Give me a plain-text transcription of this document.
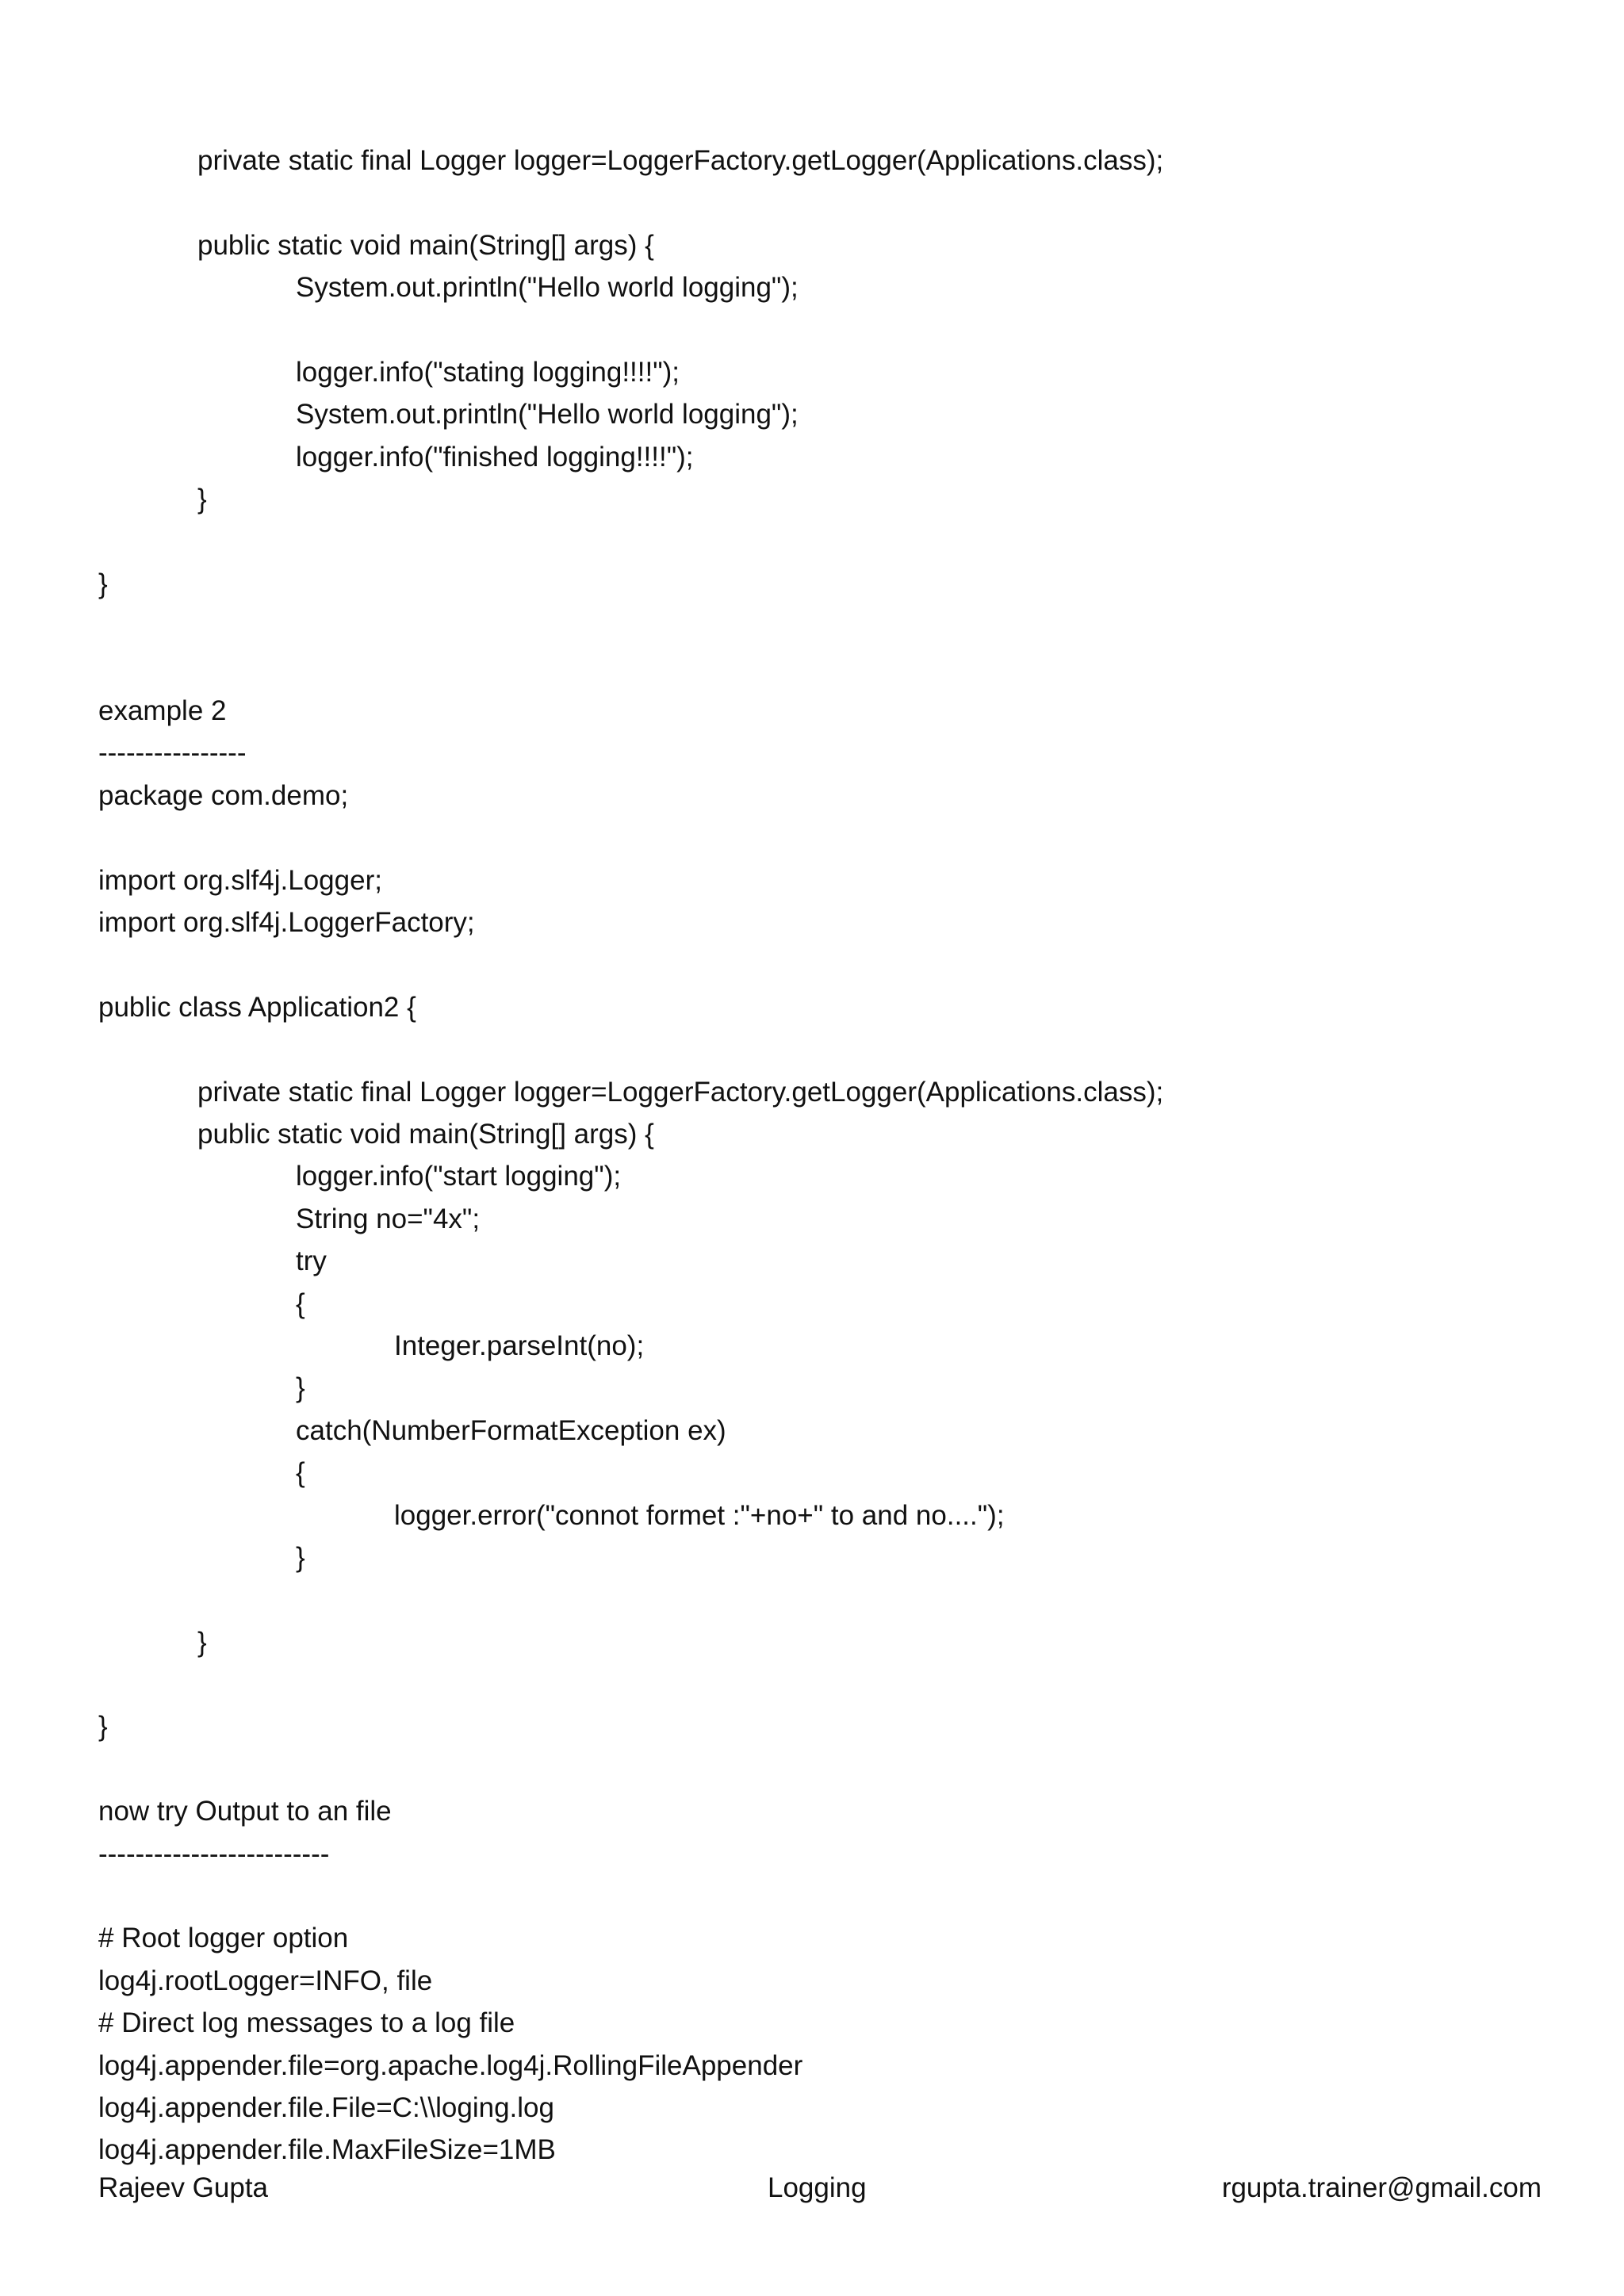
private static final Logger logger=LoggerFactory.getLogger(Applications.class);
public static void main(String[] args) {
System.out.println("Hello world logging");
logger.info("stating logging!!!!");
System.out.println("Hello world logging");
logger.info("finished logging!!!!");
}
}
example 2
----------------
package com.demo;
import org.slf4j.Logger;
import org.slf4j.LoggerFactory;
public class Application2 {
private static final Logger logger=LoggerFactory.getLogger(Applications.class);
public static void main(String[] args) {
logger.info("start logging");
String no="4x";
try
{
Integer.parseInt(no);
}
catch(NumberFormatException ex)
{
logger.error("connot formet :"+no+" to and no....");
}
}
}
now try Output to an file
-------------------------
# Root logger option
log4j.rootLogger=INFO, file
# Direct log messages to a log file
log4j.appender.file=org.apache.log4j.RollingFileAppender
log4j.appender.file.File=C:\\loging.log
log4j.appender.file.MaxFileSize=1MB
Rajeev Gupta	Logging	rgupta.trainer@gmail.com
